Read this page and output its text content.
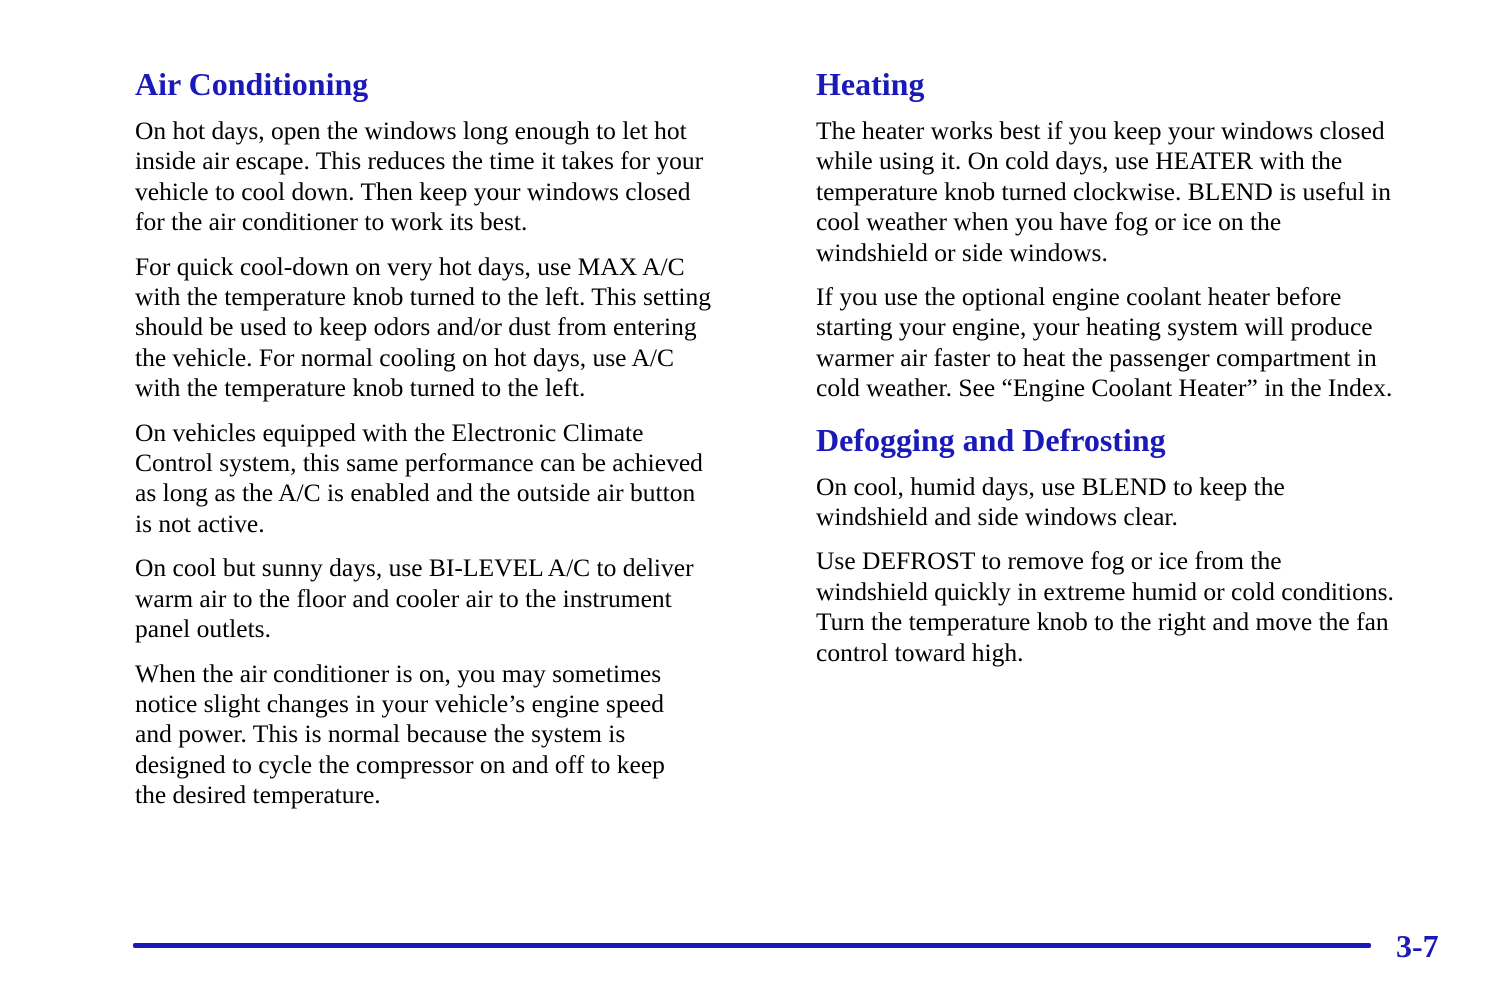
Air Conditioning

On hot days, open the windows long enough to let hot

inside air escape. This reduces the time it takes for your

vehicle to cool down. Then keep your windows closed

for the air conditioner to work its best.

For quick cool‑down on very hot days, use MAX A/C

with the temperature knob turned to the left. This setting

should be used to keep odors and/or dust from entering

the vehicle. For normal cooling on hot days, use A/C

with the temperature knob turned to the left.

On vehicles equipped with the Electronic Climate

Control system, this same performance can be achieved

as long as the A/C is enabled and the outside air button

is not active.

On cool but sunny days, use BI‑LEVEL A/C to deliver

warm air to the floor and cooler air to the instrument

panel outlets.

When the air conditioner is on, you may sometimes

notice slight changes in your vehicle’s engine speed

and power. This is normal because the system is

designed to cycle the compressor on and off to keep

the desired temperature.

Heating

The heater works best if you keep your windows closed

while using it. On cold days, use HEATER with the

temperature knob turned clockwise. BLEND is useful in

cool weather when you have fog or ice on the

windshield or side windows.

If you use the optional engine coolant heater before

starting your engine, your heating system will produce

warmer air faster to heat the passenger compartment in

cold weather. See “Engine Coolant Heater” in the Index.

Defogging and Defrosting

On cool, humid days, use BLEND to keep the

windshield and side windows clear.

Use DEFROST to remove fog or ice from the

windshield quickly in extreme humid or cold conditions.

Turn the temperature knob to the right and move the fan

control toward high.

3-7
